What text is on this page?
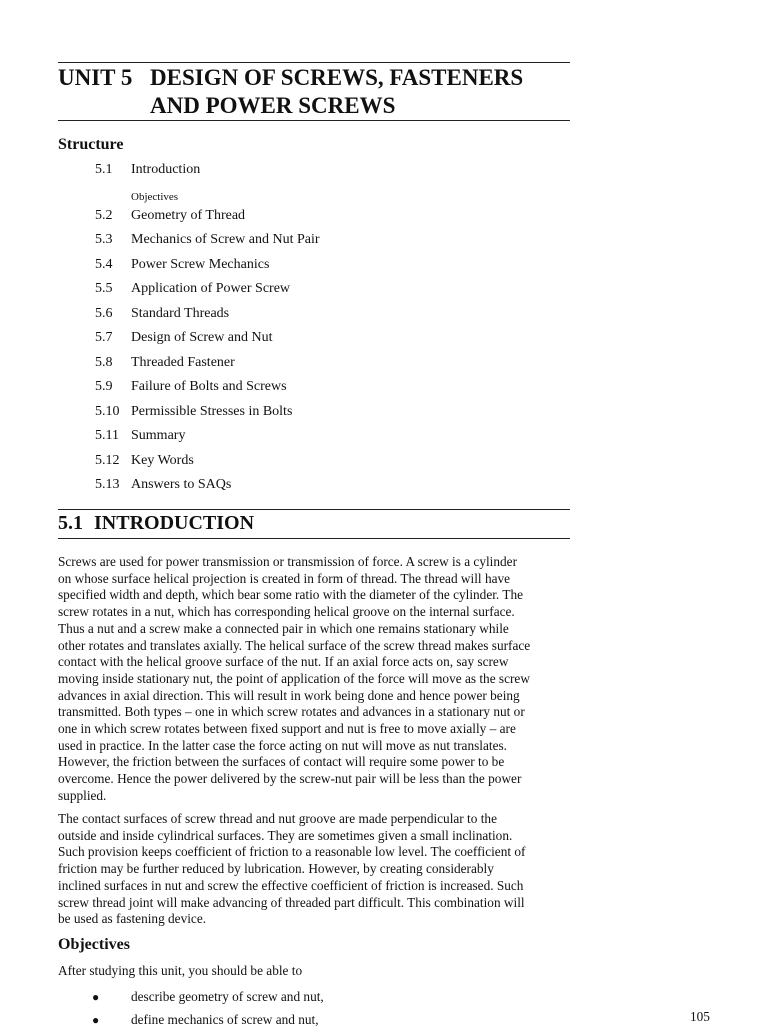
UNIT 5 DESIGN OF SCREWS, FASTENERS
AND POWER SCREWS
Structure
5.1 Introduction
Objectives
5.2 Geometry of Thread
5.3 Mechanics of Screw and Nut Pair
5.4 Power Screw Mechanics
5.5 Application of Power Screw
5.6 Standard Threads
5.7 Design of Screw and Nut
5.8 Threaded Fastener
5.9 Failure of Bolts and Screws
5.10 Permissible Stresses in Bolts
5.11 Summary
5.12 Key Words
5.13 Answers to SAQs
5.1 INTRODUCTION

Screws are used for power transmission or transmission of force. A screw is a cylinder
on whose surface helical projection is created in form of thread. The thread will have
specified width and depth, which bear some ratio with the diameter of the cylinder. The
screw rotates in a nut, which has corresponding helical groove on the internal surface.
Thus a nut and a screw make a connected pair in which one remains stationary while
other rotates and translates axially. The helical surface of the screw thread makes surface
contact with the helical groove surface of the nut. If an axial force acts on, say screw
moving inside stationary nut, the point of application of the force will move as the screw
advances in axial direction. This will result in work being done and hence power being
transmitted. Both types – one in which screw rotates and advances in a stationary nut or
one in which screw rotates between fixed support and nut is free to move axially – are
used in practice. In the latter case the force acting on nut will move as nut translates.
However, the friction between the surfaces of contact will require some power to be
overcome. Hence the power delivered by the screw-nut pair will be less than the power
supplied.

The contact surfaces of screw thread and nut groove are made perpendicular to the
outside and inside cylindrical surfaces. They are sometimes given a small inclination.
Such provision keeps coefficient of friction to a reasonable low level. The coefficient of
friction may be further reduced by lubrication. However, by creating considerably
inclined surfaces in nut and screw the effective coefficient of friction is increased. Such
screw thread joint will make advancing of threaded part difficult. This combination will
be used as fastening device.

Objectives
After studying this unit, you should be able to
● describe geometry of screw and nut,
● define mechanics of screw and nut,	105
